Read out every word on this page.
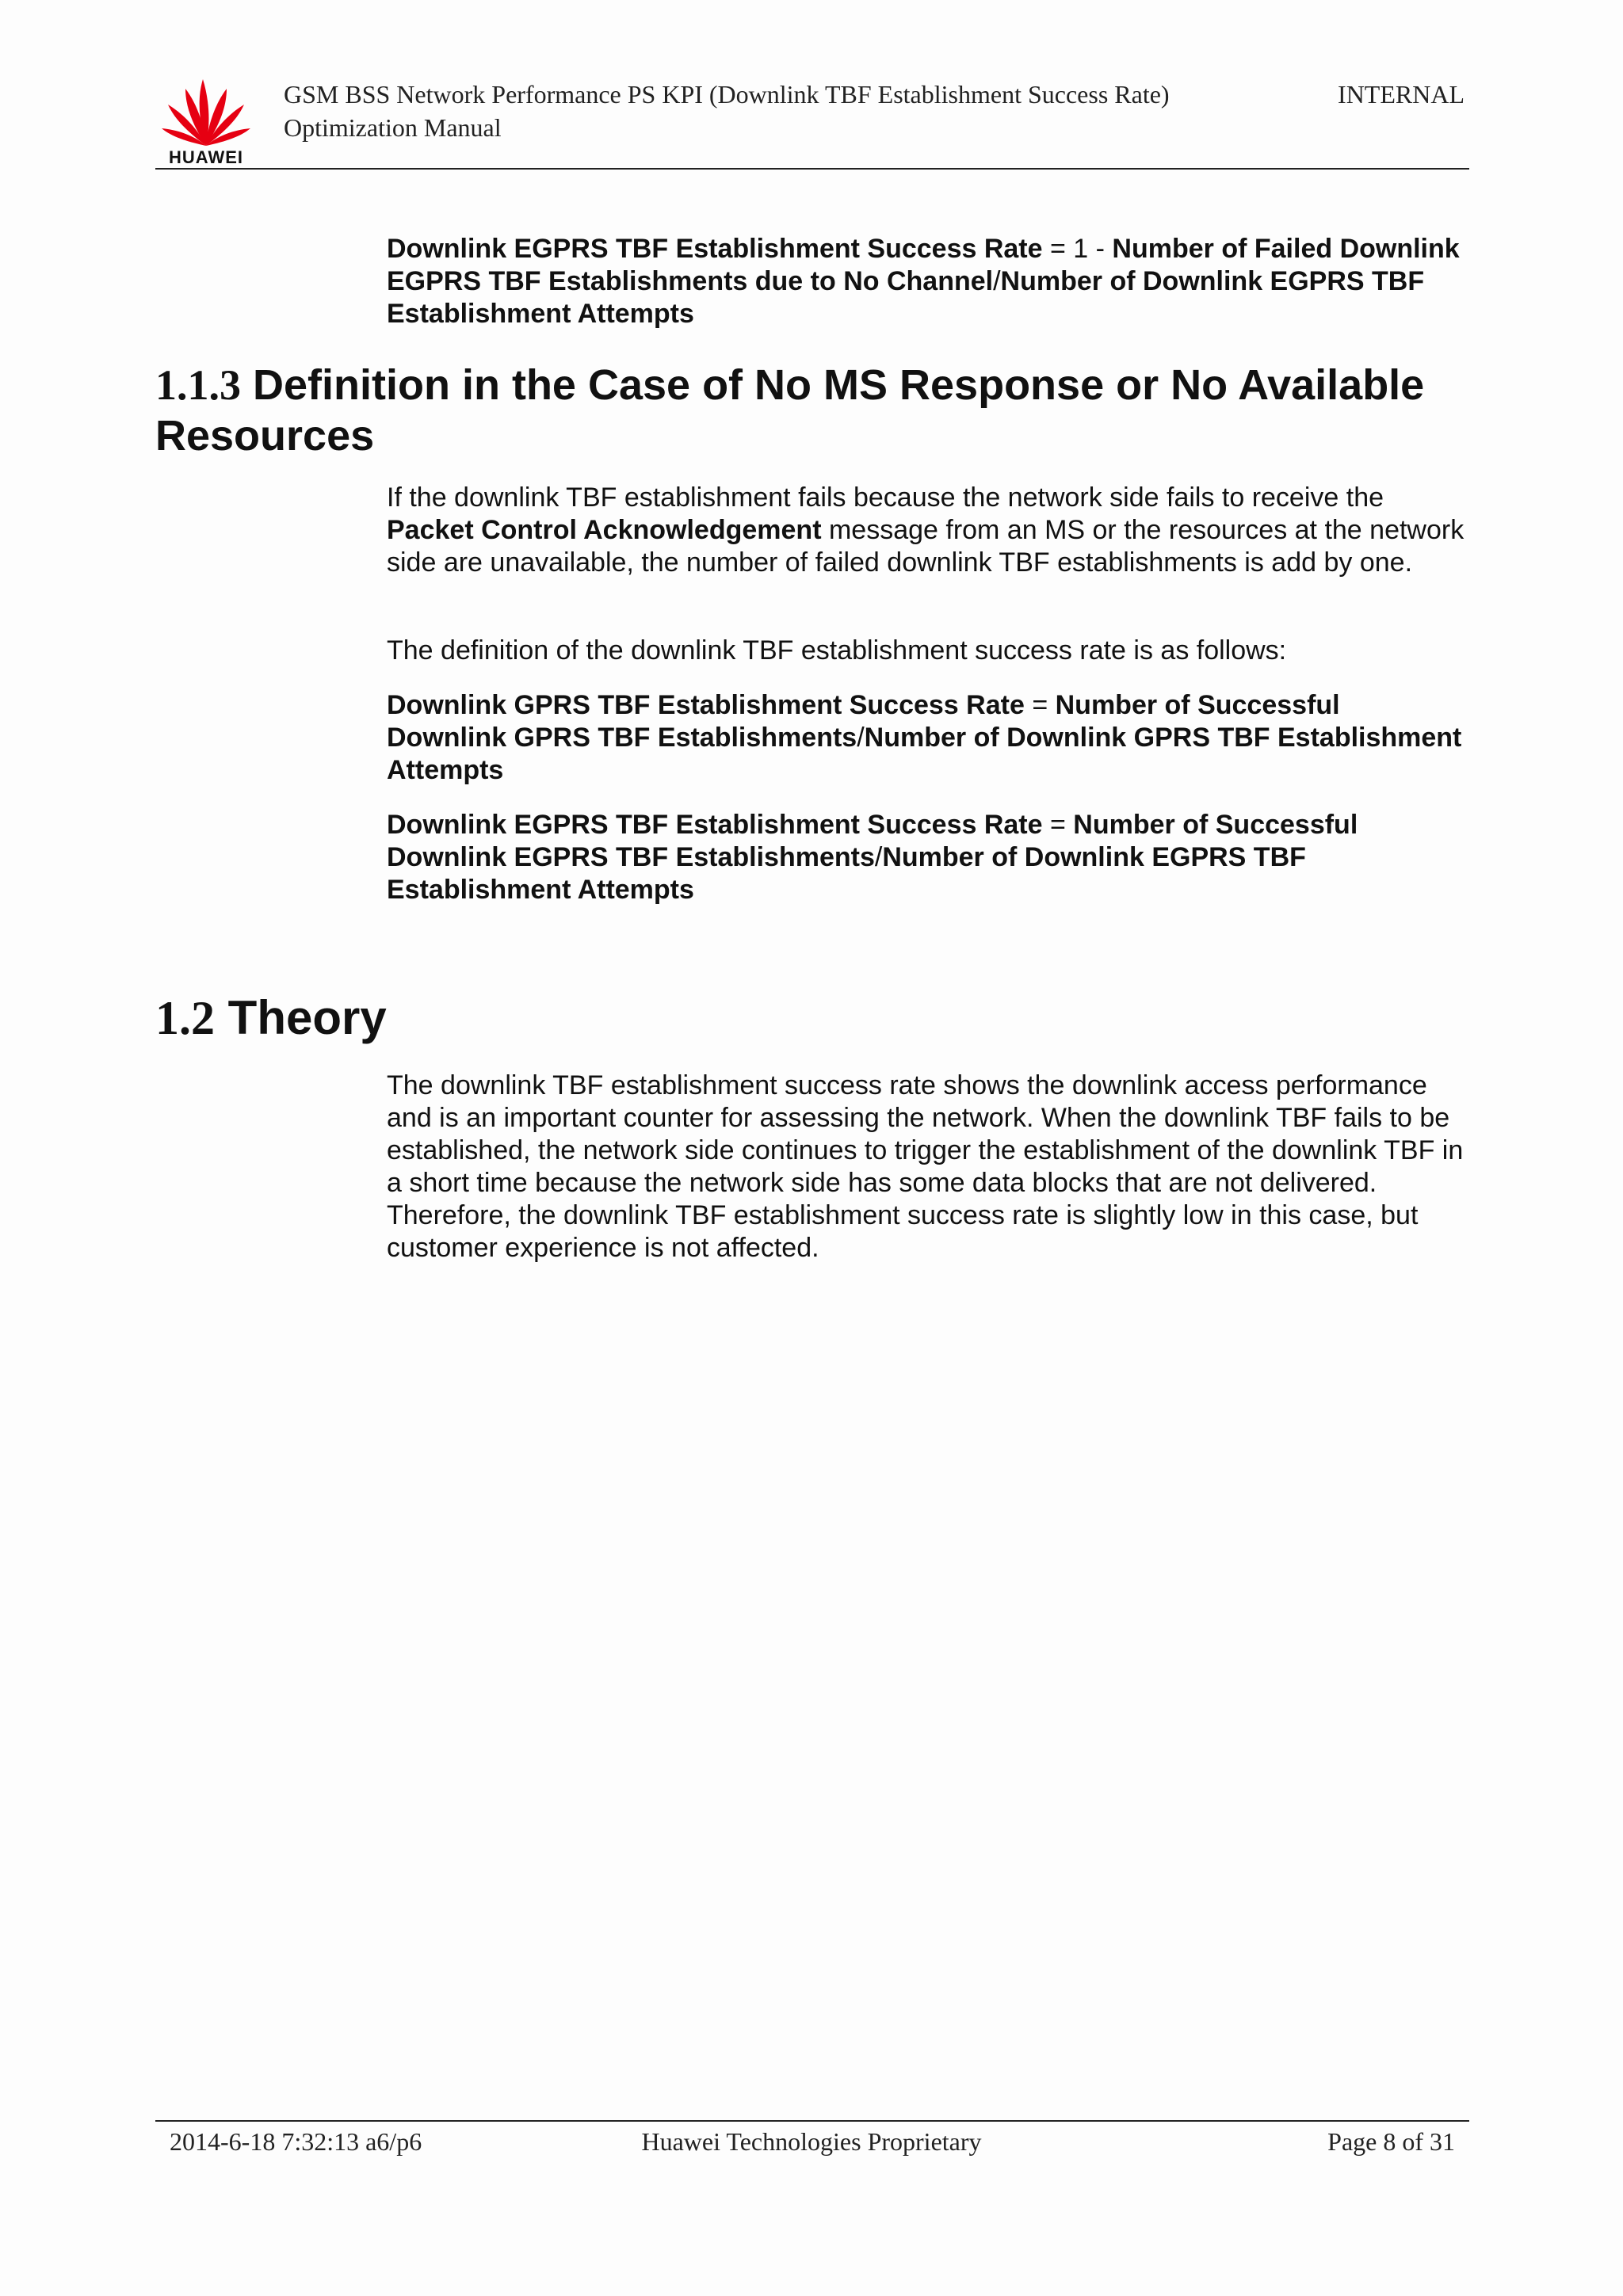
HUAWEI
GSM BSS Network Performance PS KPI (Downlink TBF Establishment Success Rate)
Optimization Manual
INTERNAL

Downlink EGPRS TBF Establishment Success Rate = 1 - Number of Failed Downlink EGPRS TBF Establishments due to No Channel/Number of Downlink EGPRS TBF Establishment Attempts

1.1.3 Definition in the Case of No MS Response or No Available Resources

If the downlink TBF establishment fails because the network side fails to receive the Packet Control Acknowledgement message from an MS or the resources at the network side are unavailable, the number of failed downlink TBF establishments is add by one.

The definition of the downlink TBF establishment success rate is as follows:

Downlink GPRS TBF Establishment Success Rate = Number of Successful Downlink GPRS TBF Establishments/Number of Downlink GPRS TBF Establishment Attempts

Downlink EGPRS TBF Establishment Success Rate = Number of Successful Downlink EGPRS TBF Establishments/Number of Downlink EGPRS TBF Establishment Attempts

1.2 Theory

The downlink TBF establishment success rate shows the downlink access performance and is an important counter for assessing the network. When the downlink TBF fails to be established, the network side continues to trigger the establishment of the downlink TBF in a short time because the network side has some data blocks that are not delivered. Therefore, the downlink TBF establishment success rate is slightly low in this case, but customer experience is not affected.

2014-6-18 7:32:13 a6/p6	Huawei Technologies Proprietary	Page 8 of 31
